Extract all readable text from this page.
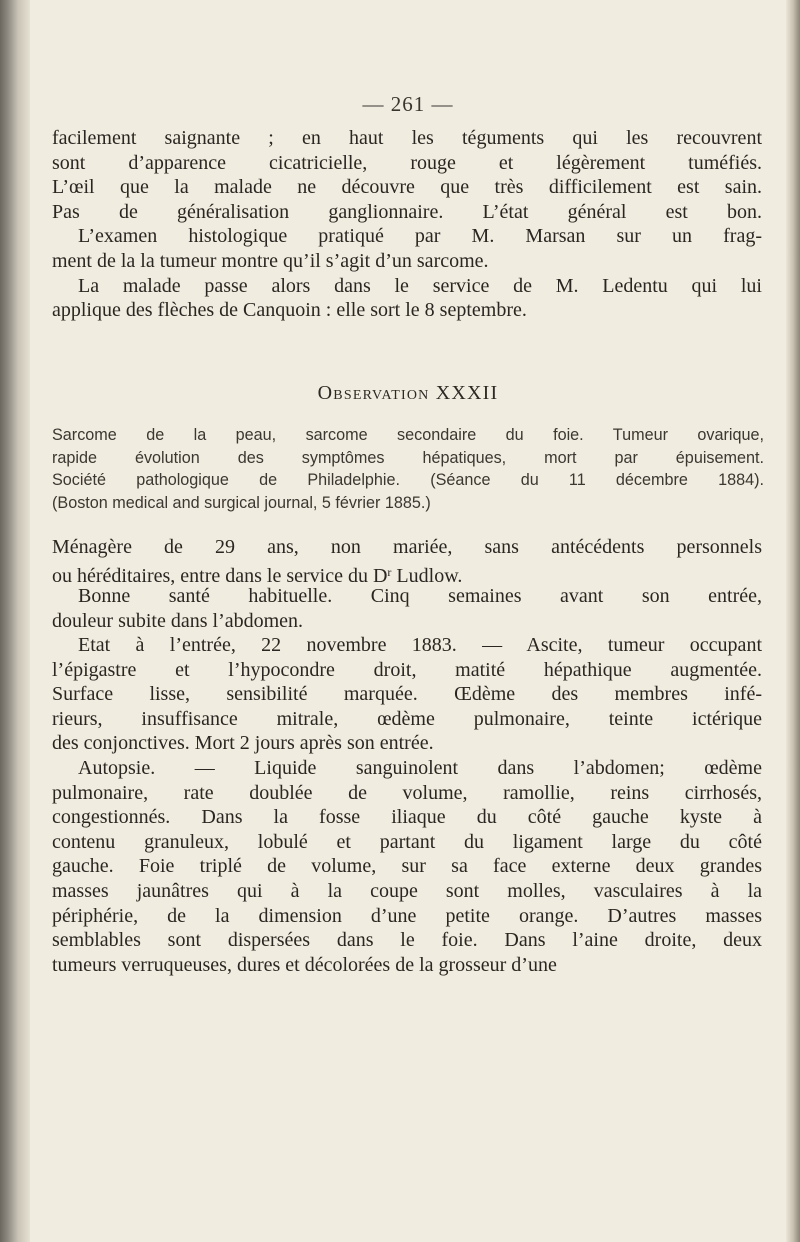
— 261 —

facilement saignante ; en haut les téguments qui les recouvrent
sont d’apparence cicatricielle, rouge et légèrement tuméfiés.
L’œil que la malade ne découvre que très difficilement est sain.
Pas de généralisation ganglionnaire. L’état général est bon.
L’examen histologique pratiqué par M. Marsan sur un frag-
ment de la la tumeur montre qu’il s’agit d’un sarcome.
La malade passe alors dans le service de M. Ledentu qui lui
applique des flèches de Canquoin : elle sort le 8 septembre.

Observation XXXII

Sarcome de la peau, sarcome secondaire du foie. Tumeur ovarique,
rapide évolution des symptômes hépatiques, mort par épuisement.
Société pathologique de Philadelphie. (Séance du 11 décembre 1884).
(Boston medical and surgical journal, 5 février 1885.)

Ménagère de 29 ans, non mariée, sans antécédents personnels
ou héréditaires, entre dans le service du $D^r$ Ludlow.

Bonne santé habituelle. Cinq semaines avant son entrée,
douleur subite dans l’abdomen.

Etat à l’entrée, 22 novembre 1883. — Ascite, tumeur occupant
l’épigastre et l’hypocondre droit, matité hépathique augmentée.
Surface lisse, sensibilité marquée. Œdème des membres infé-
rieurs, insuffisance mitrale, œdème pulmonaire, teinte ictérique
des conjonctives. Mort 2 jours après son entrée.

Autopsie. — Liquide sanguinolent dans l’abdomen; œdème
pulmonaire, rate doublée de volume, ramollie, reins cirrhosés,
congestionnés. Dans la fosse iliaque du côté gauche kyste à
contenu granuleux, lobulé et partant du ligament large du côté
gauche. Foie triplé de volume, sur sa face externe deux grandes
masses jaunâtres qui à la coupe sont molles, vasculaires à la
périphérie, de la dimension d’une petite orange. D’autres masses
semblables sont dispersées dans le foie. Dans l’aine droite, deux
tumeurs verruqueuses, dures et décolorées de la grosseur d’une
